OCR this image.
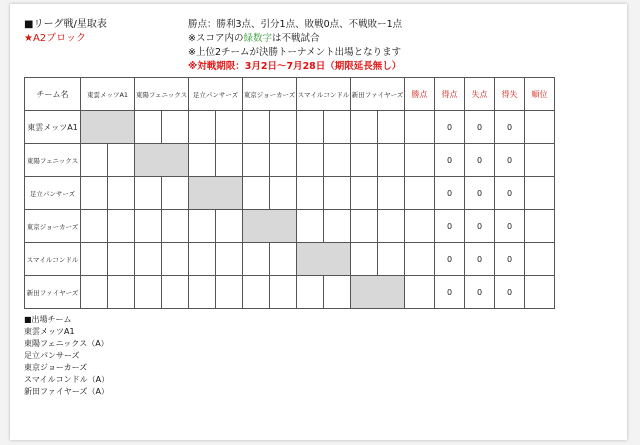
■リーグ戦/星取表
★A2ブロック
勝点：勝利3点、引分1点、敗戦0点、不戦敗ー1点
※スコア内の緑数字は不戦試合
※上位2チームが決勝トーナメント出場となります
※対戦期限：3月2日〜7月28日（期限延長無し）
チーム名	東雲メッツA1		東陽フェニックス		足立パンサーズ		東京ジョーカーズ		スマイルコンドル		新田ファイヤーズ		勝点	得点	失点	得失	順位
東雲メッツA1														0	0	0	
東陽フェニックス														0	0	0	
足立パンサーズ														0	0	0	
東京ジョーカーズ														0	0	0	
スマイルコンドル														0	0	0	
新田ファイヤーズ														0	0	0	
■出場チーム
東雲メッツA1
東陽フェニックス（A）
足立パンサーズ
東京ジョーカーズ
スマイルコンドル（A）
新田ファイヤーズ（A）
